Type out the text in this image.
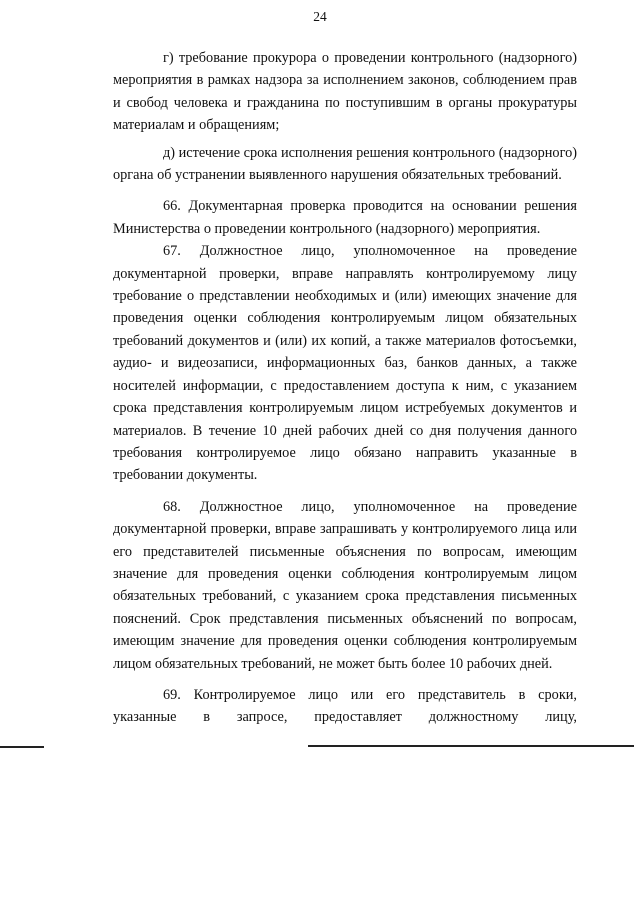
24

г) требование прокурора о проведении контрольного (надзорного) мероприятия в рамках надзора за исполнением законов, соблюдением прав и свобод человека и гражданина по поступившим в органы прокуратуры материалам и обращениям;

д) истечение срока исполнения решения контрольного (надзорного) органа об устранении выявленного нарушения обязательных требований.

66. Документарная проверка проводится на основании решения Министерства о проведении контрольного (надзорного) мероприятия.

67. Должностное лицо, уполномоченное на проведение документарной проверки, вправе направлять контролируемому лицу требование о представлении необходимых и (или) имеющих значение для проведения оценки соблюдения контролируемым лицом обязательных требований документов и (или) их копий, а также материалов фотосъемки, аудио- и видеозаписи, информационных баз, банков данных, а также носителей информации, с предоставлением доступа к ним, с указанием срока представления контролируемым лицом истребуемых документов и материалов. В течение 10 дней рабочих дней со дня получения данного требования контролируемое лицо обязано направить указанные в требовании документы.

68. Должностное лицо, уполномоченное на проведение документарной проверки, вправе запрашивать у контролируемого лица или его представителей письменные объяснения по вопросам, имеющим значение для проведения оценки соблюдения контролируемым лицом обязательных требований, с указанием срока представления письменных пояснений. Срок представления письменных объяснений по вопросам, имеющим значение для проведения оценки соблюдения контролируемым лицом обязательных требований, не может быть более 10 рабочих дней.

69. Контролируемое лицо или его представитель в сроки, указанные в запросе, предоставляет должностному лицу,
